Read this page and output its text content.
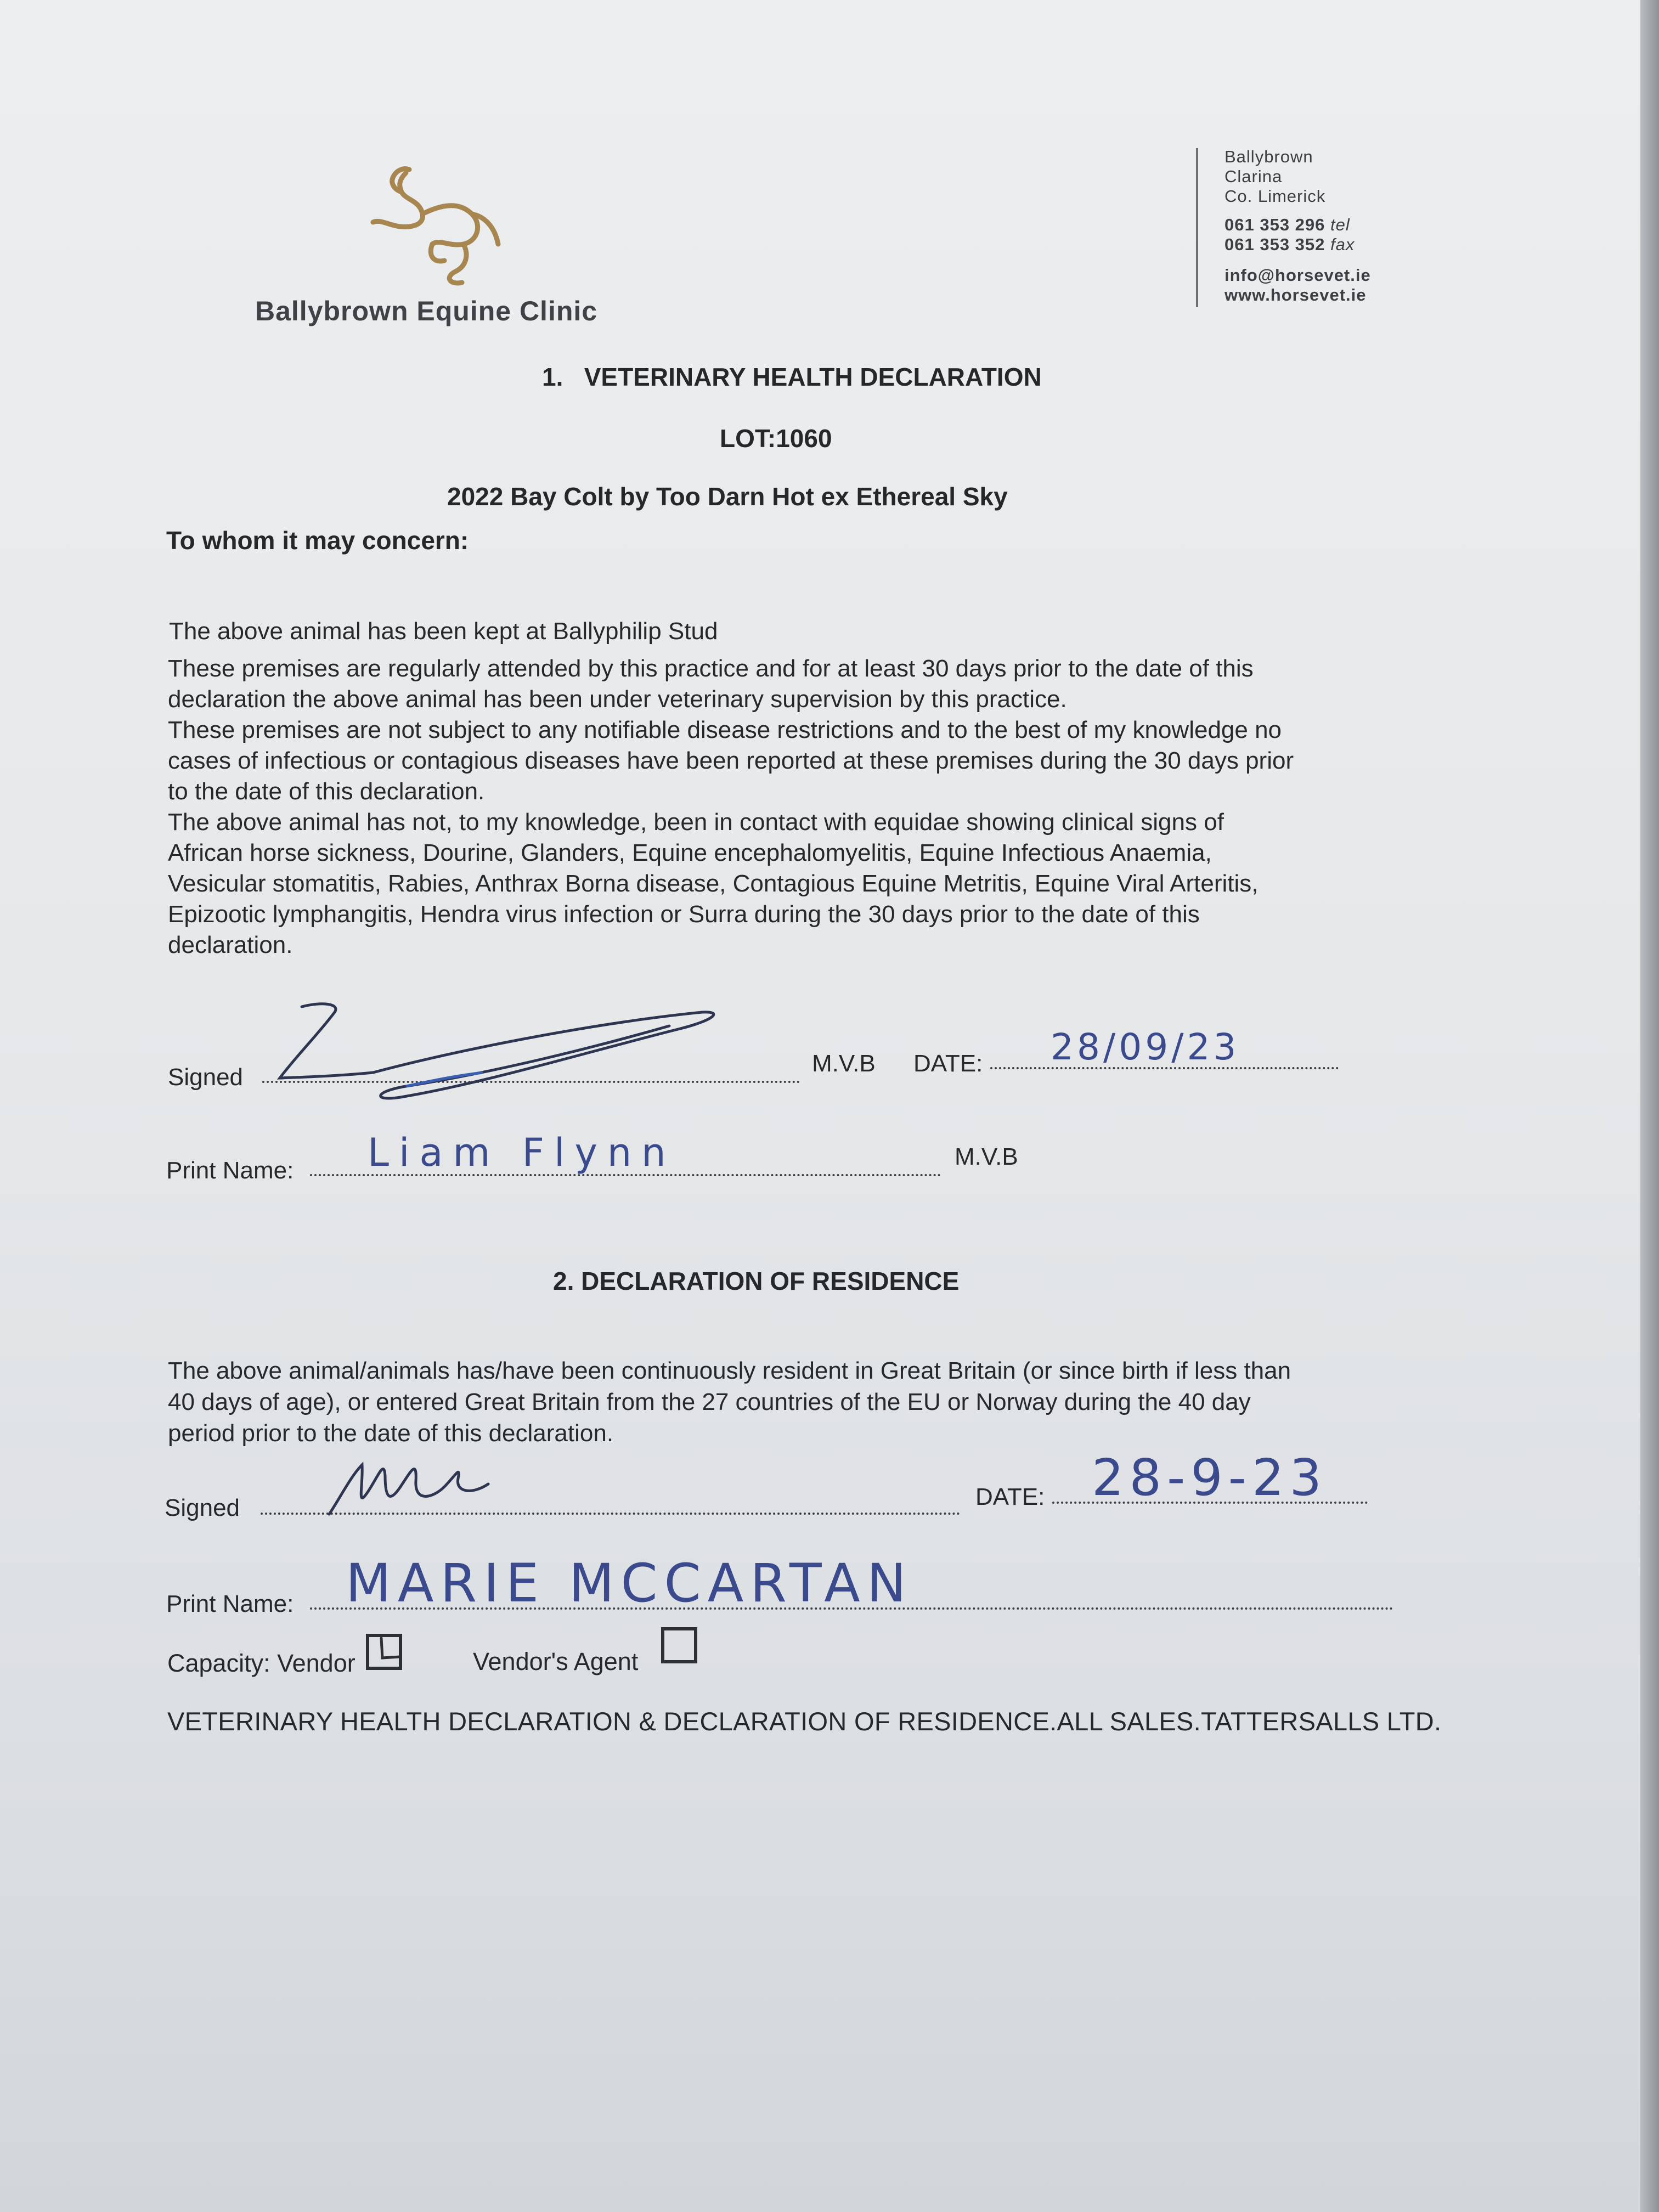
Ballybrown Equine Clinic
Ballybrown
Clarina
Co. Limerick
061 353 296 tel
061 353 352 fax
info@horsevet.ie
www.horsevet.ie
1. VETERINARY HEALTH DECLARATION
LOT:1060
2022 Bay Colt by Too Darn Hot ex Ethereal Sky
To whom it may concern:
The above animal has been kept at Ballyphilip Stud
These premises are regularly attended by this practice and for at least 30 days prior to the date of this
declaration the above animal has been under veterinary supervision by this practice.
These premises are not subject to any notifiable disease restrictions and to the best of my knowledge no
cases of infectious or contagious diseases have been reported at these premises during the 30 days prior
to the date of this declaration.
The above animal has not, to my knowledge, been in contact with equidae showing clinical signs of
African horse sickness, Dourine, Glanders, Equine encephalomyelitis, Equine Infectious Anaemia,
Vesicular stomatitis, Rabies, Anthrax Borna disease, Contagious Equine Metritis, Equine Viral Arteritis,
Epizootic lymphangitis, Hendra virus infection or Surra during the 30 days prior to the date of this
declaration.
Signed
M.V.B DATE: 28/09/23
Print Name: Liam Flynn	M.V.B
2. DECLARATION OF RESIDENCE
The above animal/animals has/have been continuously resident in Great Britain (or since birth if less than
40 days of age), or entered Great Britain from the 27 countries of the EU or Norway during the 40 day
period prior to the date of this declaration.
Signed	DATE: 28-9-23
Print Name: MARIE MCCARTAN
Capacity: Vendor	Vendor's Agent
VETERINARY HEALTH DECLARATION & DECLARATION OF RESIDENCE.ALL SALES.TATTERSALLS LTD.
